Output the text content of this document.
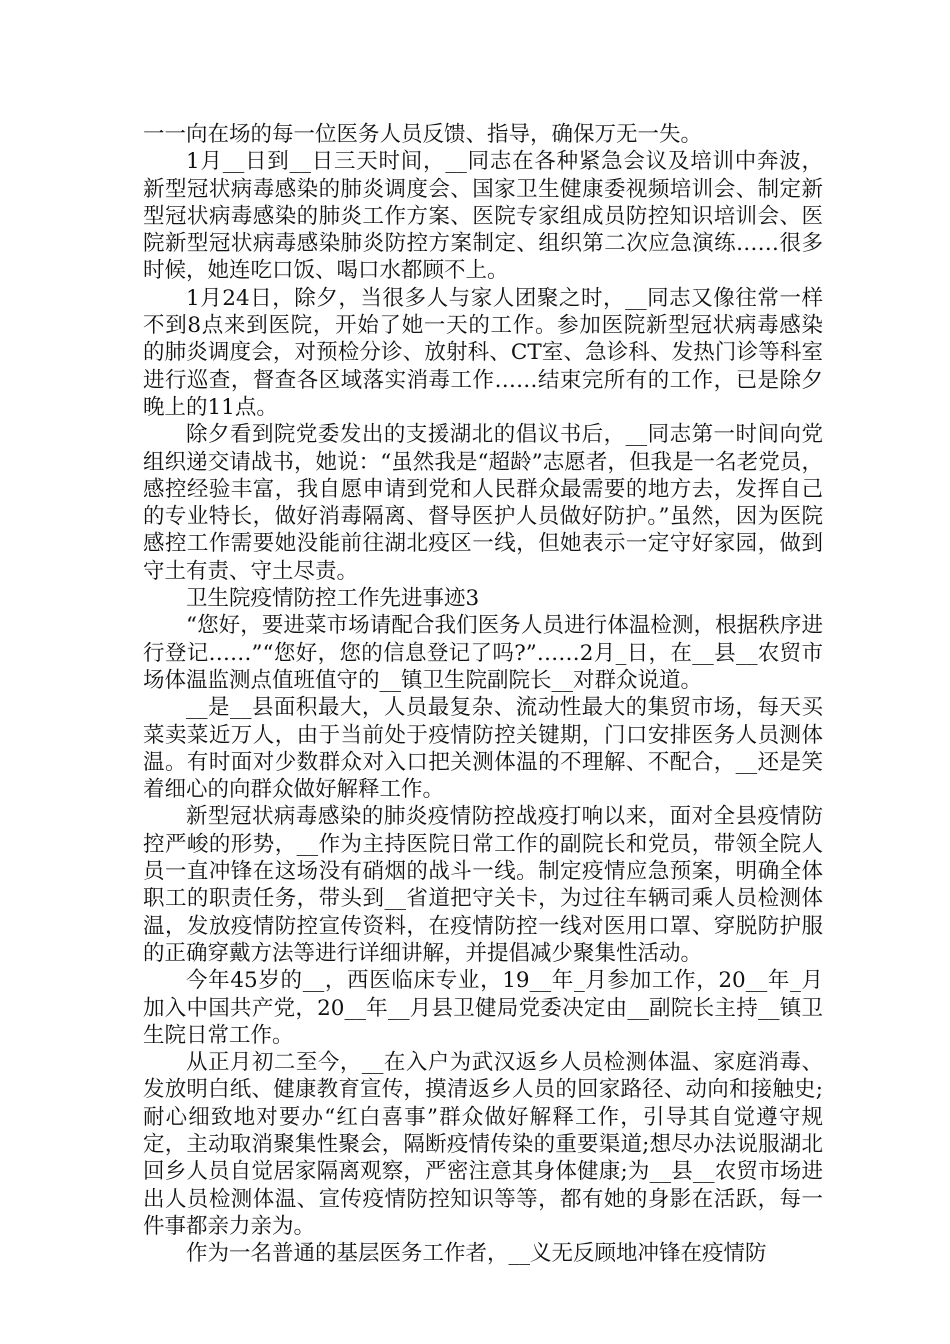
一一向在场的每一位医务人员反馈、指导，确保万无一失。

1月__日到__日三天时间，__同志在各种紧急会议及培训中奔波，新型冠状病毒感染的肺炎调度会、国家卫生健康委视频培训会、制定新型冠状病毒感染的肺炎工作方案、医院专家组成员防控知识培训会、医院新型冠状病毒感染肺炎防控方案制定、组织第二次应急演练……很多时候，她连吃口饭、喝口水都顾不上。

1月24日，除夕，当很多人与家人团聚之时，__同志又像往常一样不到8点来到医院，开始了她一天的工作。参加医院新型冠状病毒感染的肺炎调度会，对预检分诊、放射科、CT室、急诊科、发热门诊等科室进行巡查，督查各区域落实消毒工作……结束完所有的工作，已是除夕晚上的11点。

除夕看到院党委发出的支援湖北的倡议书后，__同志第一时间向党组织递交请战书，她说：“虽然我是“超龄”志愿者，但我是一名老党员，感控经验丰富，我自愿申请到党和人民群众最需要的地方去，发挥自己的专业特长，做好消毒隔离、督导医护人员做好防护。”虽然，因为医院感控工作需要她没能前往湖北疫区一线，但她表示一定守好家园，做到守土有责、守土尽责。

卫生院疫情防控工作先进事迹3

“您好，要进菜市场请配合我们医务人员进行体温检测，根据秩序进行登记……”“您好，您的信息登记了吗?”……2月_日，在__县__农贸市场体温监测点值班值守的__镇卫生院副院长__对群众说道。

__是__县面积最大，人员最复杂、流动性最大的集贸市场，每天买菜卖菜近万人，由于当前处于疫情防控关键期，门口安排医务人员测体温。有时面对少数群众对入口把关测体温的不理解、不配合，__还是笑着细心的向群众做好解释工作。

新型冠状病毒感染的肺炎疫情防控战疫打响以来，面对全县疫情防控严峻的形势，__作为主持医院日常工作的副院长和党员，带领全院人员一直冲锋在这场没有硝烟的战斗一线。制定疫情应急预案，明确全体职工的职责任务，带头到__省道把守关卡，为过往车辆司乘人员检测体温，发放疫情防控宣传资料，在疫情防控一线对医用口罩、穿脱防护服的正确穿戴方法等进行详细讲解，并提倡减少聚集性活动。

今年45岁的__，西医临床专业，19__年_月参加工作，20__年_月加入中国共产党，20__年__月县卫健局党委决定由__副院长主持__镇卫生院日常工作。

从正月初二至今，__在入户为武汉返乡人员检测体温、家庭消毒、发放明白纸、健康教育宣传，摸清返乡人员的回家路径、动向和接触史;耐心细致地对要办“红白喜事”群众做好解释工作，引导其自觉遵守规定，主动取消聚集性聚会，隔断疫情传染的重要渠道;想尽办法说服湖北回乡人员自觉居家隔离观察，严密注意其身体健康;为__县__农贸市场进出人员检测体温、宣传疫情防控知识等等，都有她的身影在活跃，每一件事都亲力亲为。

作为一名普通的基层医务工作者，__义无反顾地冲锋在疫情防
